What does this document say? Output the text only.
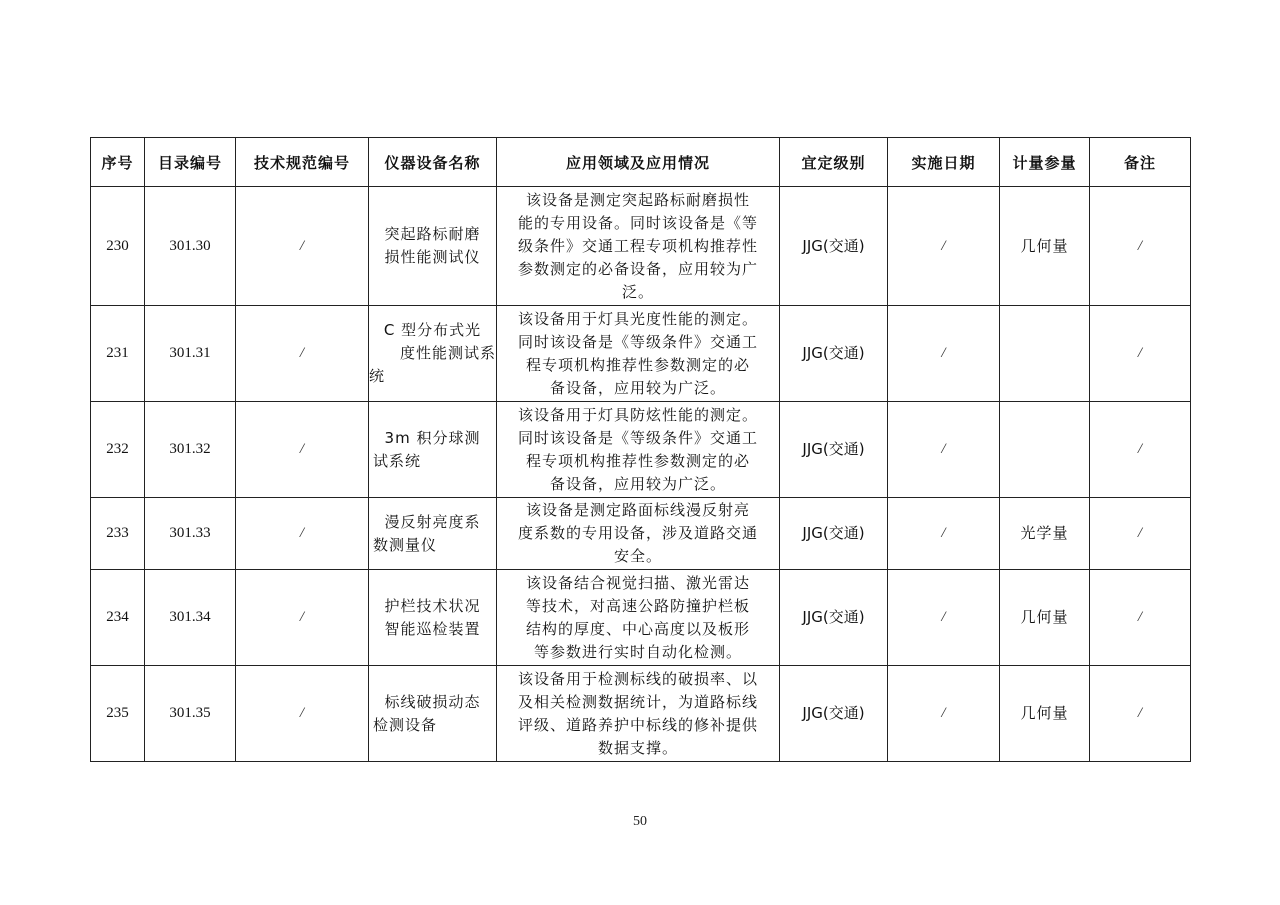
序号	目录编号	技术规范编号	仪器设备名称	应用领域及应用情况	宜定级别	实施日期	计量参量	备注
230	301.30	/	突起路标耐磨
损性能测试仪	该设备是测定突起路标耐磨损性
能的专用设备。同时该设备是《等
级条件》交通工程专项机构推荐性
参数测定的必备设备，应用较为广
泛。	JJG(交通)	/	几何量	/
231	301.31	/	C 型分布式光
度性能测试系
统	该设备用于灯具光度性能的测定。
同时该设备是《等级条件》交通工
程专项机构推荐性参数测定的必
备设备，应用较为广泛。	JJG(交通)	/		/
232	301.32	/	3m 积分球测
试系统	该设备用于灯具防炫性能的测定。
同时该设备是《等级条件》交通工
程专项机构推荐性参数测定的必
备设备，应用较为广泛。	JJG(交通)	/		/
233	301.33	/	漫反射亮度系
数测量仪	该设备是测定路面标线漫反射亮
度系数的专用设备，涉及道路交通
安全。	JJG(交通)	/	光学量	/
234	301.34	/	护栏技术状况
智能巡检装置	该设备结合视觉扫描、激光雷达
等技术，对高速公路防撞护栏板
结构的厚度、中心高度以及板形
等参数进行实时自动化检测。	JJG(交通)	/	几何量	/
235	301.35	/	标线破损动态
检测设备	该设备用于检测标线的破损率、以
及相关检测数据统计，为道路标线
评级、道路养护中标线的修补提供
数据支撑。	JJG(交通)	/	几何量	/
50
